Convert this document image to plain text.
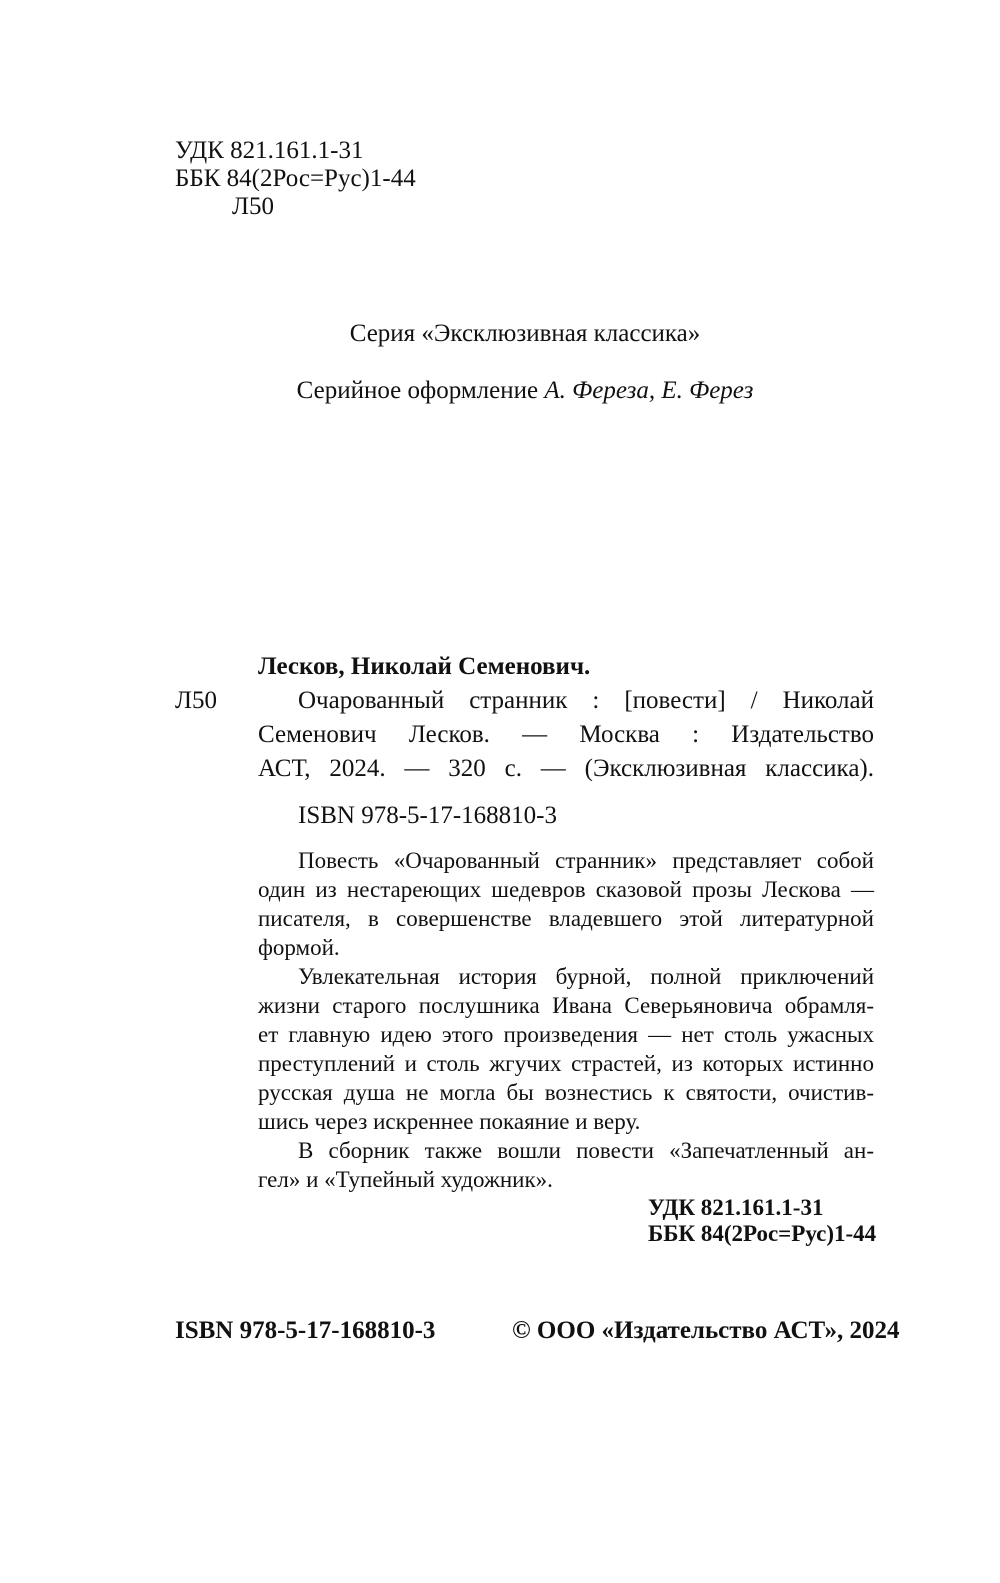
УДК 821.161.1-31
ББК 84(2Рос=Рус)1-44
Л50
Серия «Эксклюзивная классика»
Серийное оформление А. Фереза, Е. Ферез
Лесков, Николай Семенович.
Л50	Очарованный странник : [повести] / Николай
Семенович Лесков. — Москва : Издательство
АСТ, 2024. — 320 с. — (Эксклюзивная классика).
ISBN 978-5-17-168810-3
Повесть «Очарованный странник» представляет собой
один из нестареющих шедевров сказовой прозы Лескова —
писателя, в совершенстве владевшего этой литературной
формой.
Увлекательная история бурной, полной приключений
жизни старого послушника Ивана Северьяновича обрамля-
ет главную идею этого произведения — нет столь ужасных
преступлений и столь жгучих страстей, из которых истинно
русская душа не могла бы вознестись к святости, очистив-
шись через искреннее покаяние и веру.
В сборник также вошли повести «Запечатленный ан-
гел» и «Тупейный художник».
УДК 821.161.1-31
ББК 84(2Рос=Рус)1-44
ISBN 978-5-17-168810-3	© ООО «Издательство АСТ», 2024
